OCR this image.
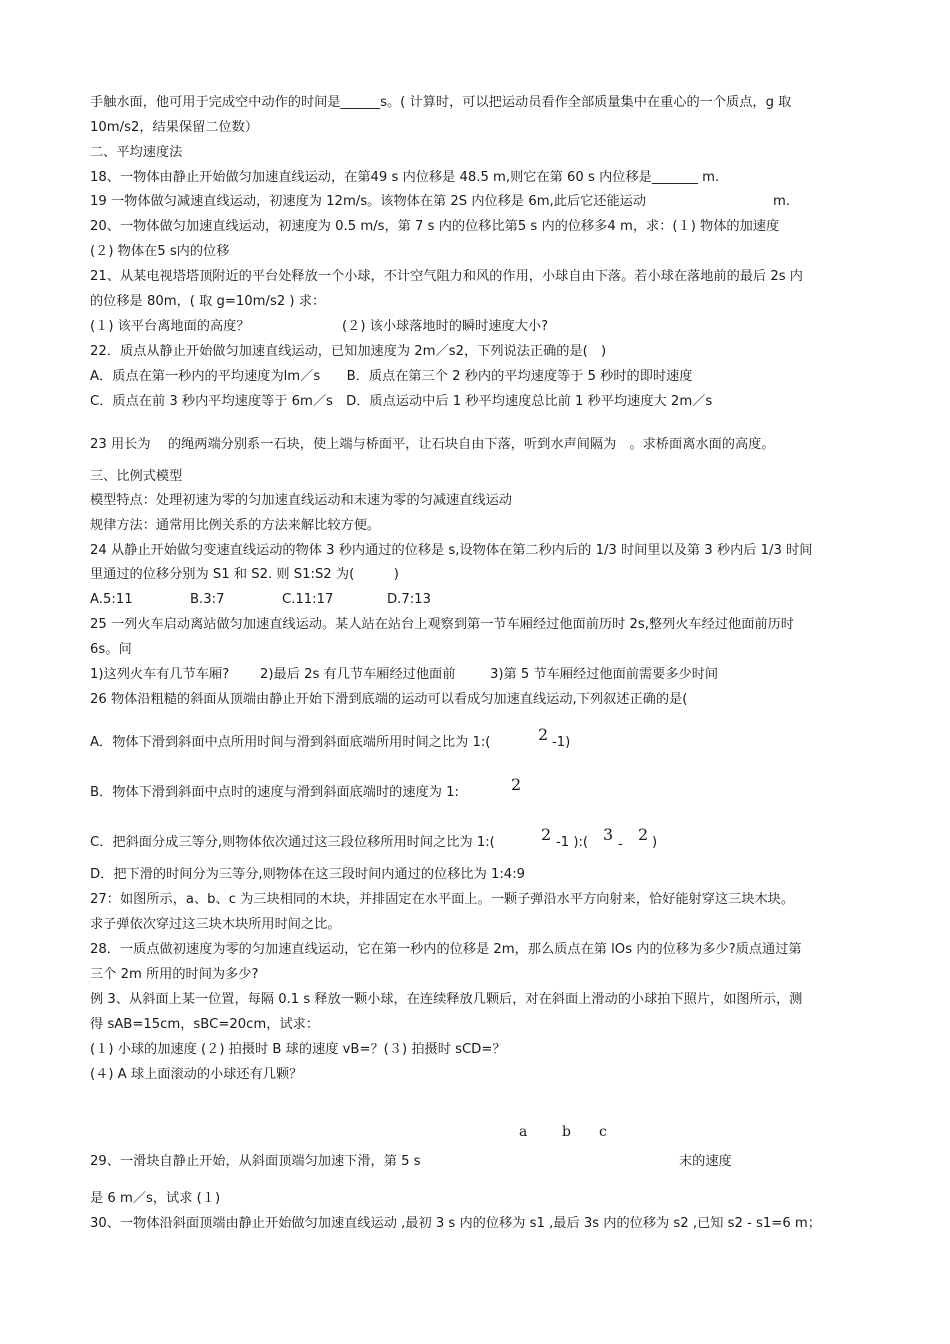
手触水面，他可用于完成空中动作的时间是______s。( 计算时，可以把运动员看作全部质量集中在重心的一个质点，g 取
10m/s2，结果保留二位数）
二、平均速度法
18、一物体由静止开始做匀加速直线运动，在第49 s 内位移是 48.5 m,则它在第 60 s 内位移是_______ m.
19 一物体做匀减速直线运动，初速度为 12m/s。该物体在第 2S 内位移是 6m,此后它还能运动	m.
20、一物体做匀加速直线运动，初速度为 0.5 m/s，第 7 s 内的位移比第5 s 内的位移多4 m，求：(１) 物体的加速度
(２) 物体在5 s内的位移
21、从某电视塔塔顶附近的平台处释放一个小球，不计空气阻力和风的作用，小球自由下落。若小球在落地前的最后 2s 内
的位移是 80m，( 取 g=10m/s2 ) 求：
(１) 该平台离地面的高度？	(２) 该小球落地时的瞬时速度大小?
22．质点从静止开始做匀加速直线运动，已知加速度为 2m／s2，下列说法正确的是(　)
A．质点在第一秒内的平均速度为lm／s　　B．质点在第三个 2 秒内的平均速度等于 5 秒时的即时速度
C．质点在前 3 秒内平均速度等于 6m／s　D．质点运动中后 1 秒平均速度总比前 1 秒平均速度大 2m／s
23 用长为　 的绳两端分别系一石块，使上端与桥面平，让石块自由下落，听到水声间隔为　。求桥面离水面的高度。
三、比例式模型
模型特点：处理初速为零的匀加速直线运动和末速为零的匀减速直线运动
规律方法：通常用比例关系的方法来解比较方便。
24 从静止开始做匀变速直线运动的物体 3 秒内通过的位移是 s,设物体在第二秒内后的 1/3 时间里以及第 3 秒内后 1/3 时间
里通过的位移分别为 S1 和 S2. 则 S1:S2 为(　　　)
A.5:11	B.3:7	C.11:17	D.7:13
25 一列火车启动离站做匀加速直线运动。某人站在站台上观察到第一节车厢经过他面前历时 2s,整列火车经过他面前历时
6s。问
1)这列火车有几节车厢? 2)最后 2s 有几节车厢经过他面前	3)第 5 节车厢经过他面前需要多少时间
26 物体沿粗糙的斜面从顶端由静止开始下滑到底端的运动可以看成匀加速直线运动,下列叙述正确的是(
A．物体下滑到斜面中点所用时间与滑到斜面底端所用时间之比为 1:(	2 -1)
B．物体下滑到斜面中点时的速度与滑到斜面底端时的速度为 1:	2
C．把斜面分成三等分,则物体依次通过这三段位移所用时间之比为 1:(	2 -1 ):( 3
-
2 )
D．把下滑的时间分为三等分,则物体在这三段时间内通过的位移比为 1:4:9
27：如图所示，a、b、c 为三块相同的木块，并排固定在水平面上。一颗子弹沿水平方向射来，恰好能射穿这三块木块。
求子弹依次穿过这三块木块所用时间之比。
28．一质点做初速度为零的匀加速直线运动，它在第一秒内的位移是 2m，那么质点在第 lOs 内的位移为多少?质点通过第
三个 2m 所用的时间为多少?
例 3、从斜面上某一位置，每隔 0.1 s 释放一颗小球，在连续释放几颗后，对在斜面上滑动的小球拍下照片，如图所示，测
得 sAB=15cm，sBC=20cm，试求：
(１) 小球的加速度 (２) 拍摄时 B 球的速度 vB=？(３) 拍摄时 sCD=？
(４) A 球上面滚动的小球还有几颗？
a b c
29、一滑块自静止开始，从斜面顶端匀加速下滑，第 5 s	末的速度
是 6 m／s，试求 (１)
30、一物体沿斜面顶端由静止开始做匀加速直线运动 ,最初 3 s 内的位移为 s1 ,最后 3s 内的位移为 s2 ,已知 s2 - s1=6 m；
